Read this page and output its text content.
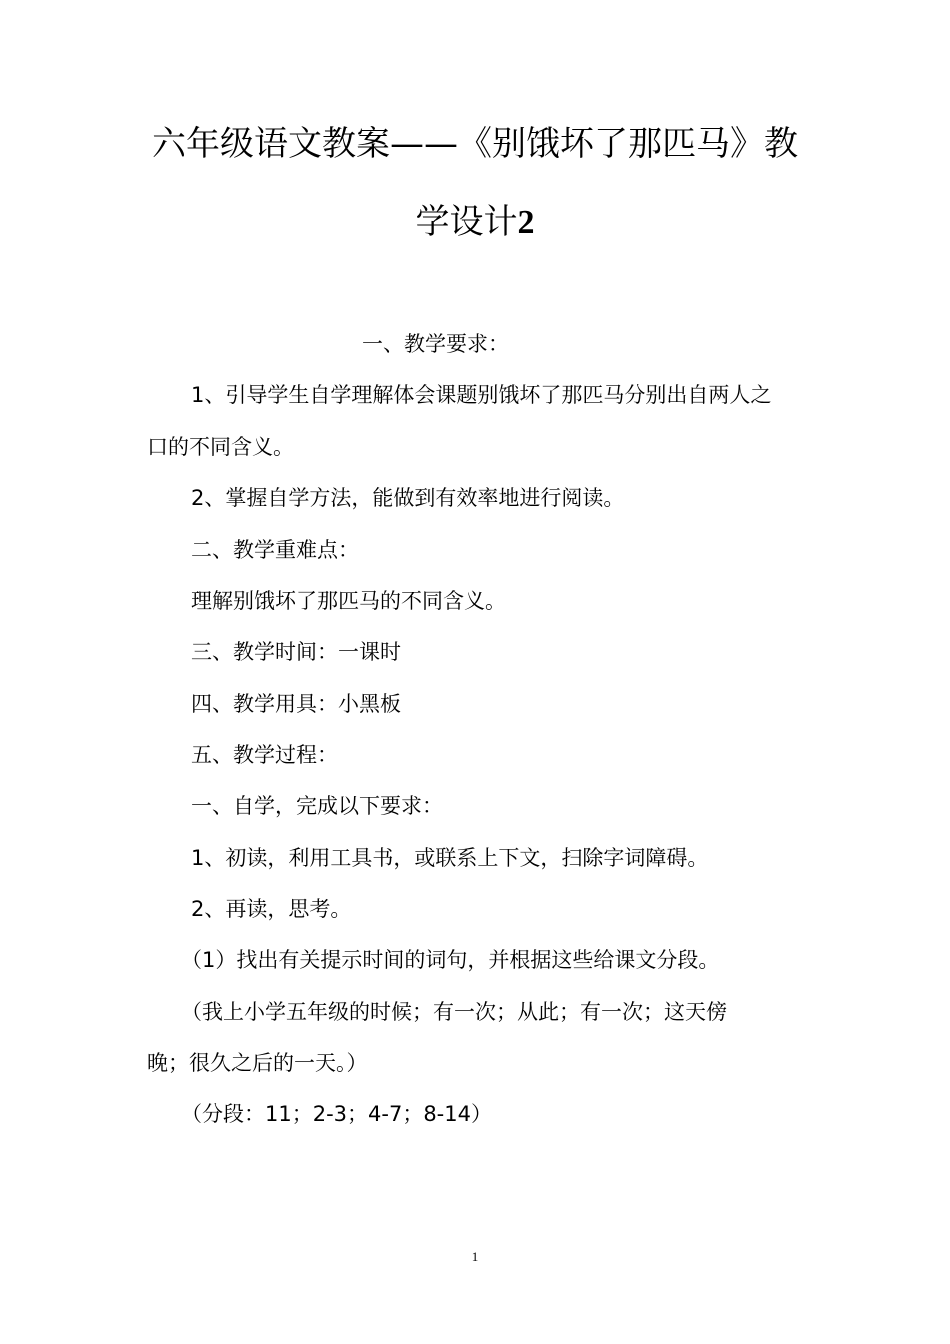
六年级语文教案——《别饿坏了那匹马》教
学设计2

一、教学要求：

1、引导学生自学理解体会课题别饿坏了那匹马分别出自两人之

口的不同含义。

2、掌握自学方法，能做到有效率地进行阅读。

二、教学重难点：

理解别饿坏了那匹马的不同含义。

三、教学时间：一课时

四、教学用具：小黑板

五、教学过程：

一、自学，完成以下要求：

1、初读，利用工具书，或联系上下文，扫除字词障碍。

2、再读，思考。

（1）找出有关提示时间的词句，并根据这些给课文分段。

（我上小学五年级的时候；有一次；从此；有一次；这天傍

晚；很久之后的一天。）

（分段：11；2-3；4-7；8-14）

1
